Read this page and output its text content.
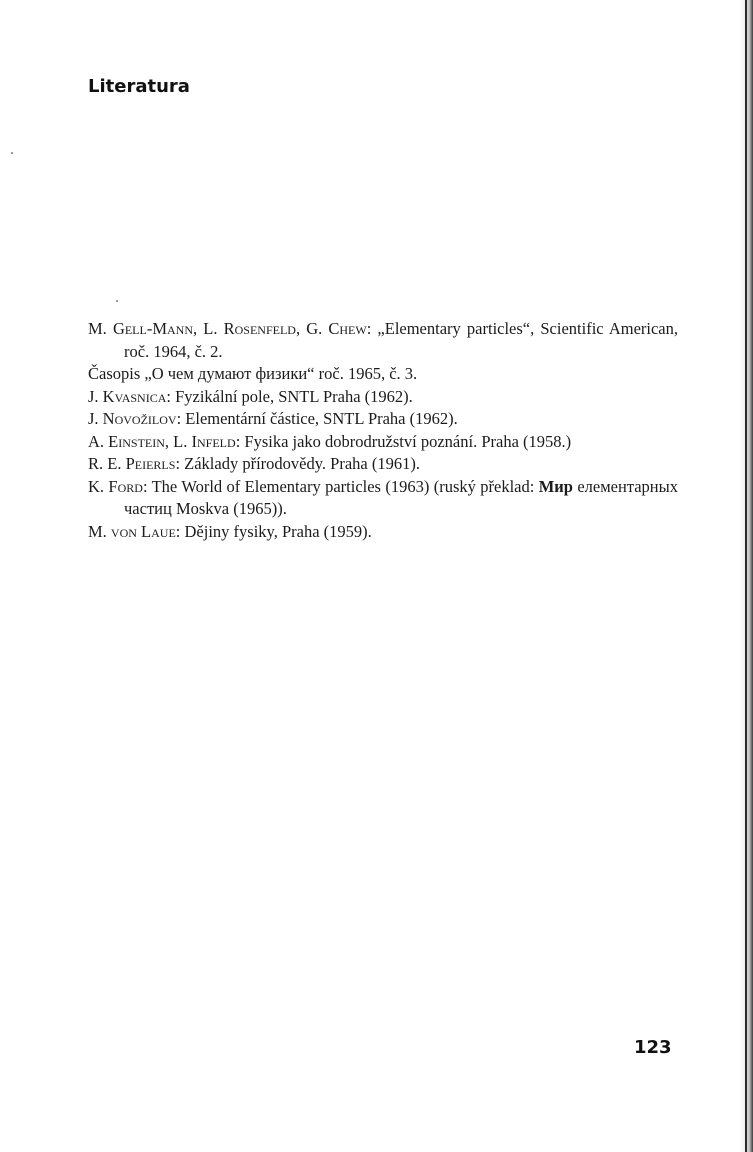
Literatura
M. Gell-Mann, L. Rosenfeld, G. Chew: „Elementary particles“, Scientific American, roč. 1964, č. 2.
Časopis „О чем думают физики“ roč. 1965, č. 3.
J. Kvasnica: Fyzikální pole, SNTL Praha (1962).
J. Novožilov: Elementární částice, SNTL Praha (1962).
A. Einstein, L. Infeld: Fysika jako dobrodružství poznání. Praha (1958.)
R. E. Peierls: Základy přírodovědy. Praha (1961).
K. Ford: The World of Elementary particles (1963) (ruský překlad: Мир елементарных частиц Moskva (1965)).
M. von Laue: Dějiny fysiky, Praha (1959).
123
